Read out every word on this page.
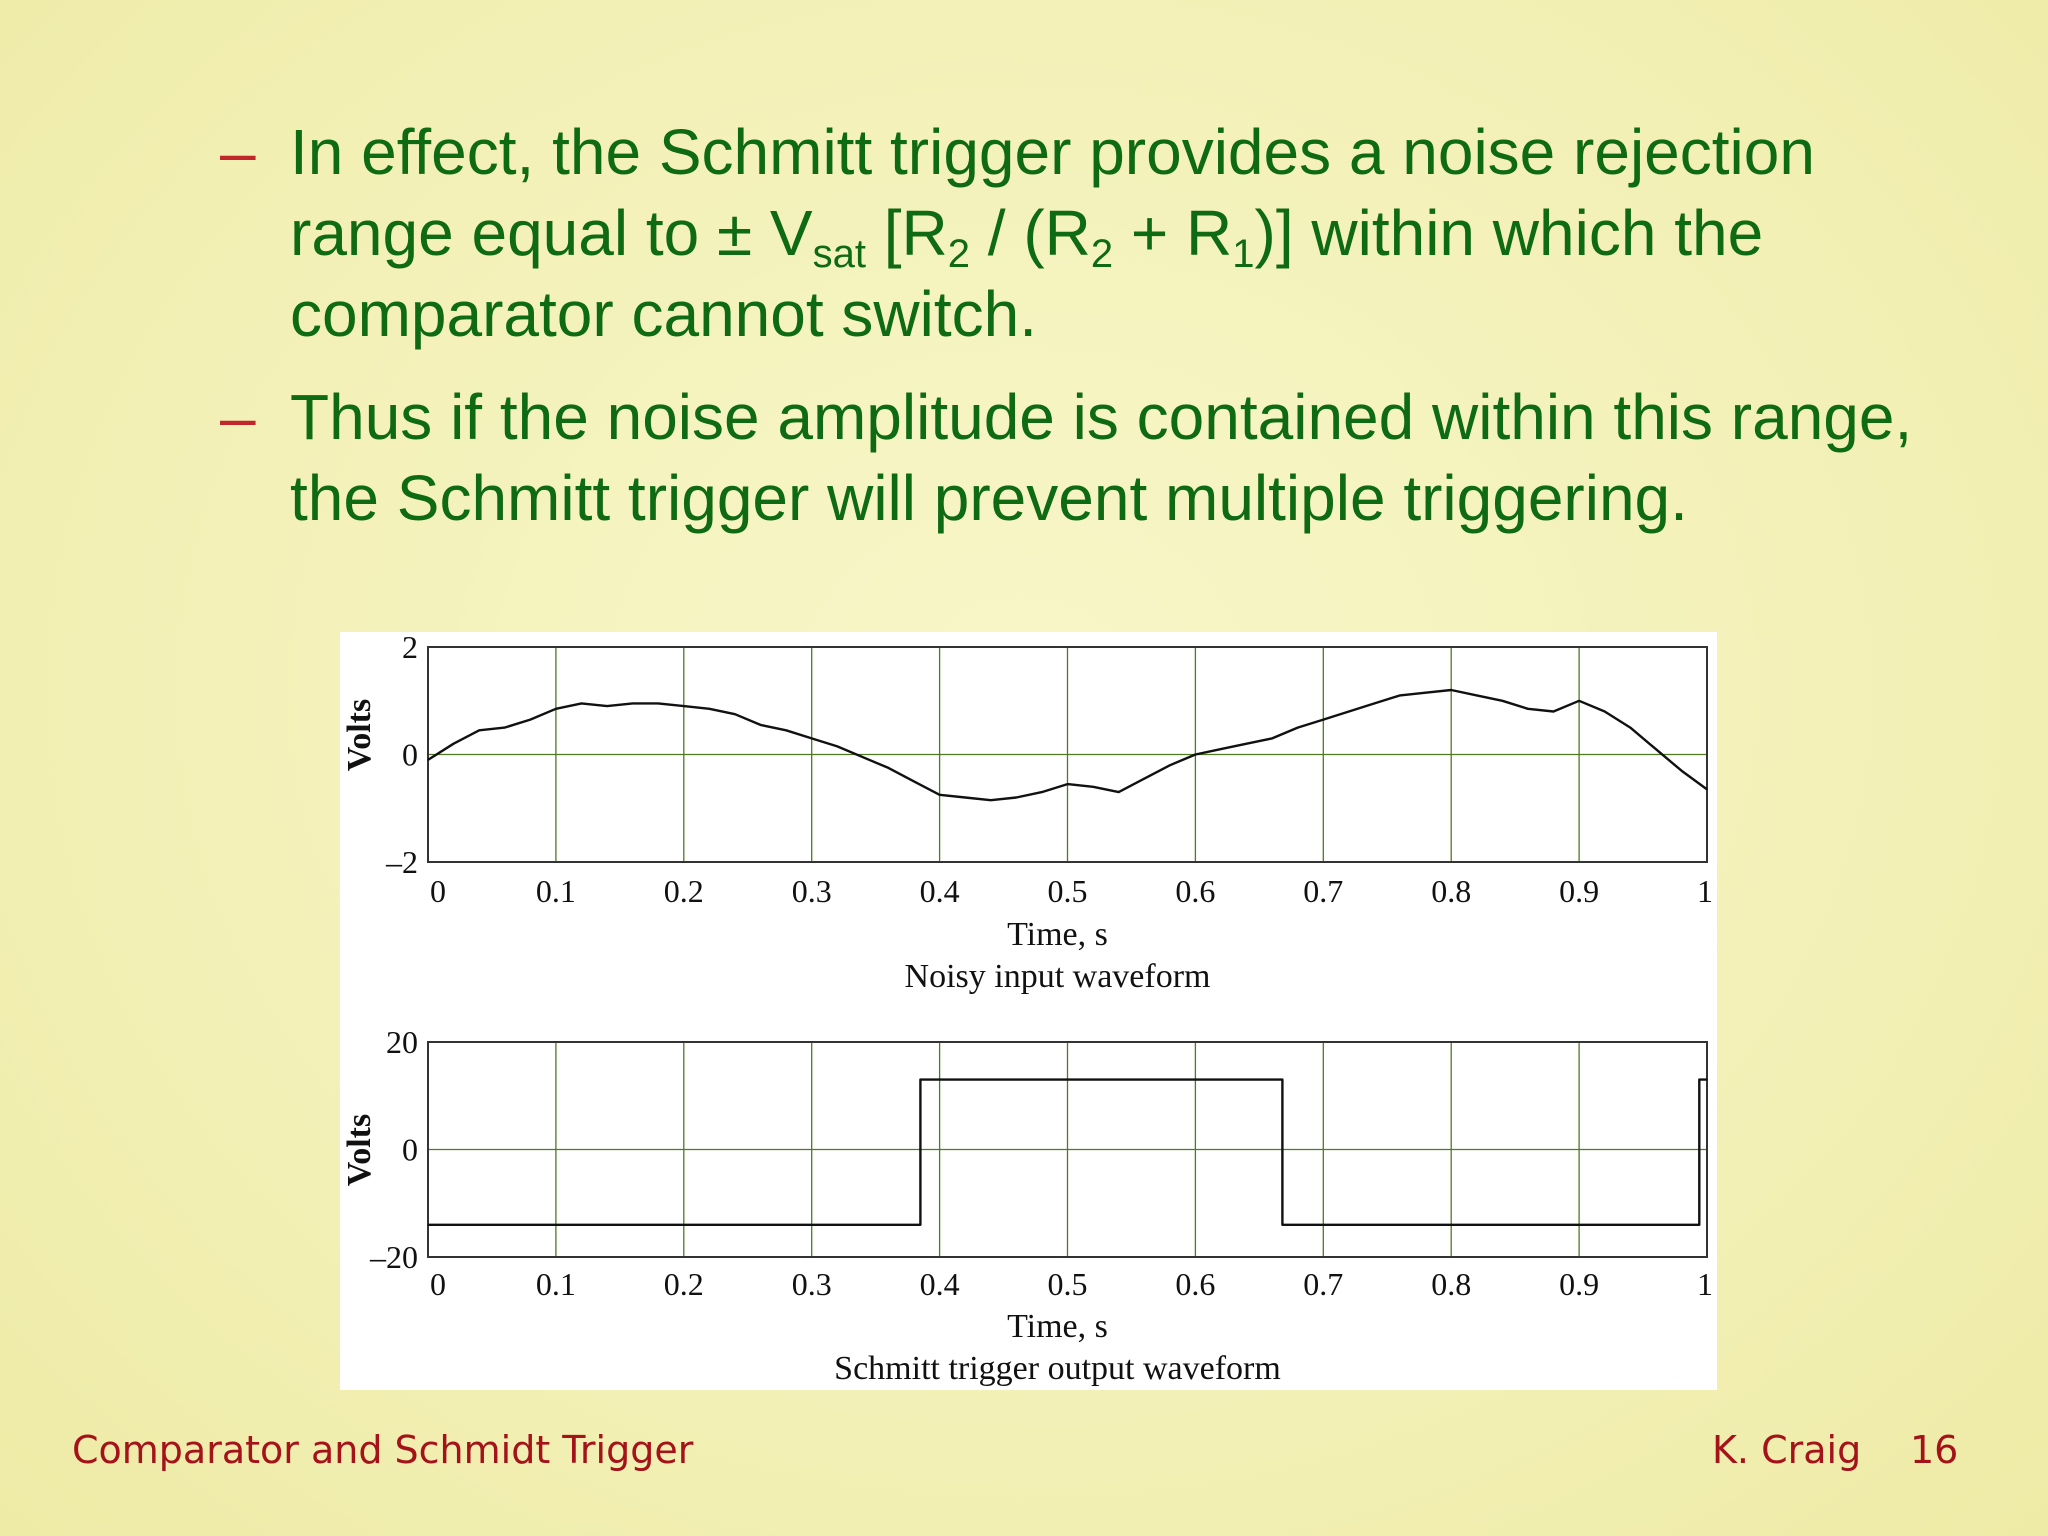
– In effect, the Schmitt trigger provides a noise rejection range equal to ± $V_{sat}$ $[R_2 / (R_2 + R_1)]$ within which the comparator cannot switch.
– Thus if the noise amplitude is contained within this range, the Schmitt trigger will prevent multiple triggering.
0	0.1	0.2	0.3	0.4	0.5	0.6	0.7	0.8	0.9	1
2
0
–2
Volts
Time, s
Noisy input waveform
0	0.1	0.2	0.3	0.4	0.5	0.6	0.7	0.8	0.9	1
20
0
–20
Volts
Time, s
Schmitt trigger output waveform
Comparator and Schmidt Trigger	K. Craig 16
